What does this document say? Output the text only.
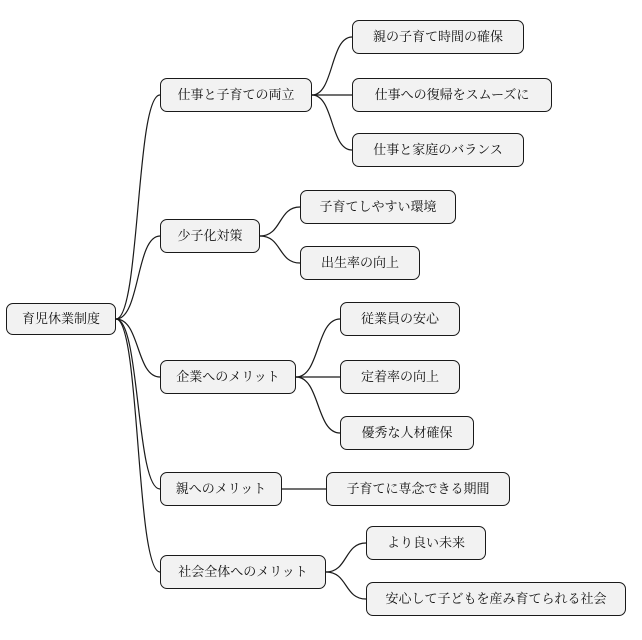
育児休業制度
仕事と子育ての両立
親の子育て時間の確保
仕事への復帰をスムーズに
仕事と家庭のバランス
少子化対策
子育てしやすい環境
出生率の向上
企業へのメリット
従業員の安心
定着率の向上
優秀な人材確保
親へのメリット	子育てに専念できる期間
社会全体へのメリット
より良い未来
安心して子どもを産み育てられる社会
